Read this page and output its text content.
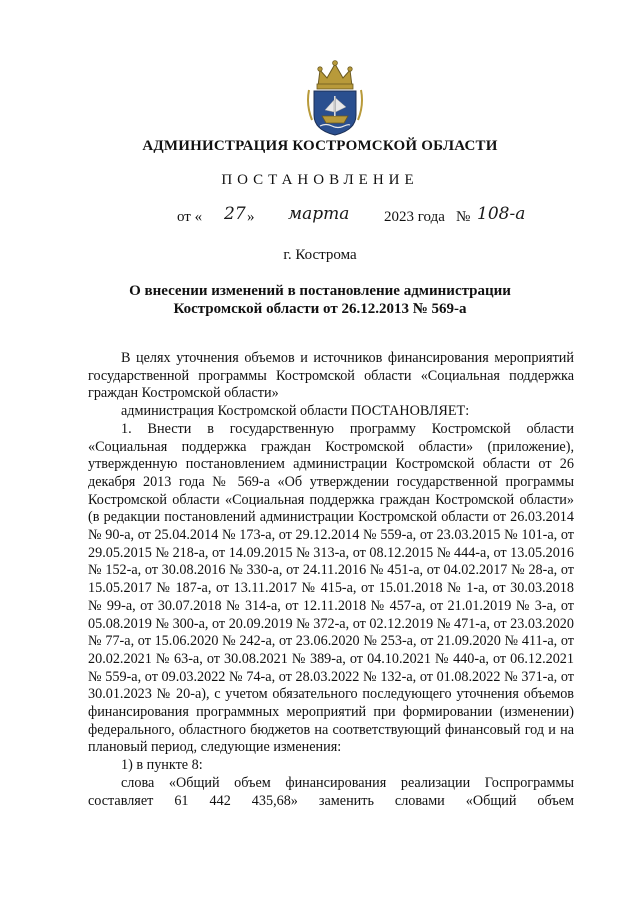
АДМИНИСТРАЦИЯ КОСТРОМСКОЙ ОБЛАСТИ
ПОСТАНОВЛЕНИЕ
от « 27 » марта 2023 года № 108-а
г. Кострома
О внесении изменений в постановление администрации
Костромской области от 26.12.2013 № 569-а

В целях уточнения объемов и источников финансирования мероприятий государственной программы Костромской области «Социальная поддержка граждан Костромской области»

администрация Костромской области ПОСТАНОВЛЯЕТ:

1. Внести в государственную программу Костромской области «Социальная поддержка граждан Костромской области» (приложение), утвержденную постановлением администрации Костромской области от 26 декабря 2013 года № 569-а «Об утверждении государственной программы Костромской области «Социальная поддержка граждан Костромской области» (в редакции постановлений администрации Костромской области от 26.03.2014 № 90-а, от 25.04.2014 № 173-а, от 29.12.2014 № 559-а, от 23.03.2015 № 101-а, от 29.05.2015 № 218-а, от 14.09.2015 № 313-а, от 08.12.2015 № 444-а, от 13.05.2016 № 152-а, от 30.08.2016 № 330-а, от 24.11.2016 № 451-а, от 04.02.2017 № 28-а, от 15.05.2017 № 187-а, от 13.11.2017 № 415-а, от 15.01.2018 № 1-а, от 30.03.2018 № 99-а, от 30.07.2018 № 314-а, от 12.11.2018 № 457-а, от 21.01.2019 № 3-а, от 05.08.2019 № 300-а, от 20.09.2019 № 372-а, от 02.12.2019 № 471-а, от 23.03.2020 № 77-а, от 15.06.2020 № 242-а, от 23.06.2020 № 253-а, от 21.09.2020 № 411-а, от 20.02.2021 № 63-а, от 30.08.2021 № 389-а, от 04.10.2021 № 440-а, от 06.12.2021 № 559-а, от 09.03.2022 № 74-а, от 28.03.2022 № 132-а, от 01.08.2022 № 371-а, от 30.01.2023 № 20-а), с учетом обязательного последующего уточнения объемов финансирования программных мероприятий при формировании (изменении) федерального, областного бюджетов на соответствующий финансовый год и на плановый период, следующие изменения:

1) в пункте 8:

слова «Общий объем финансирования реализации Госпрограммы составляет 61 442 435,68» заменить словами «Общий объем
